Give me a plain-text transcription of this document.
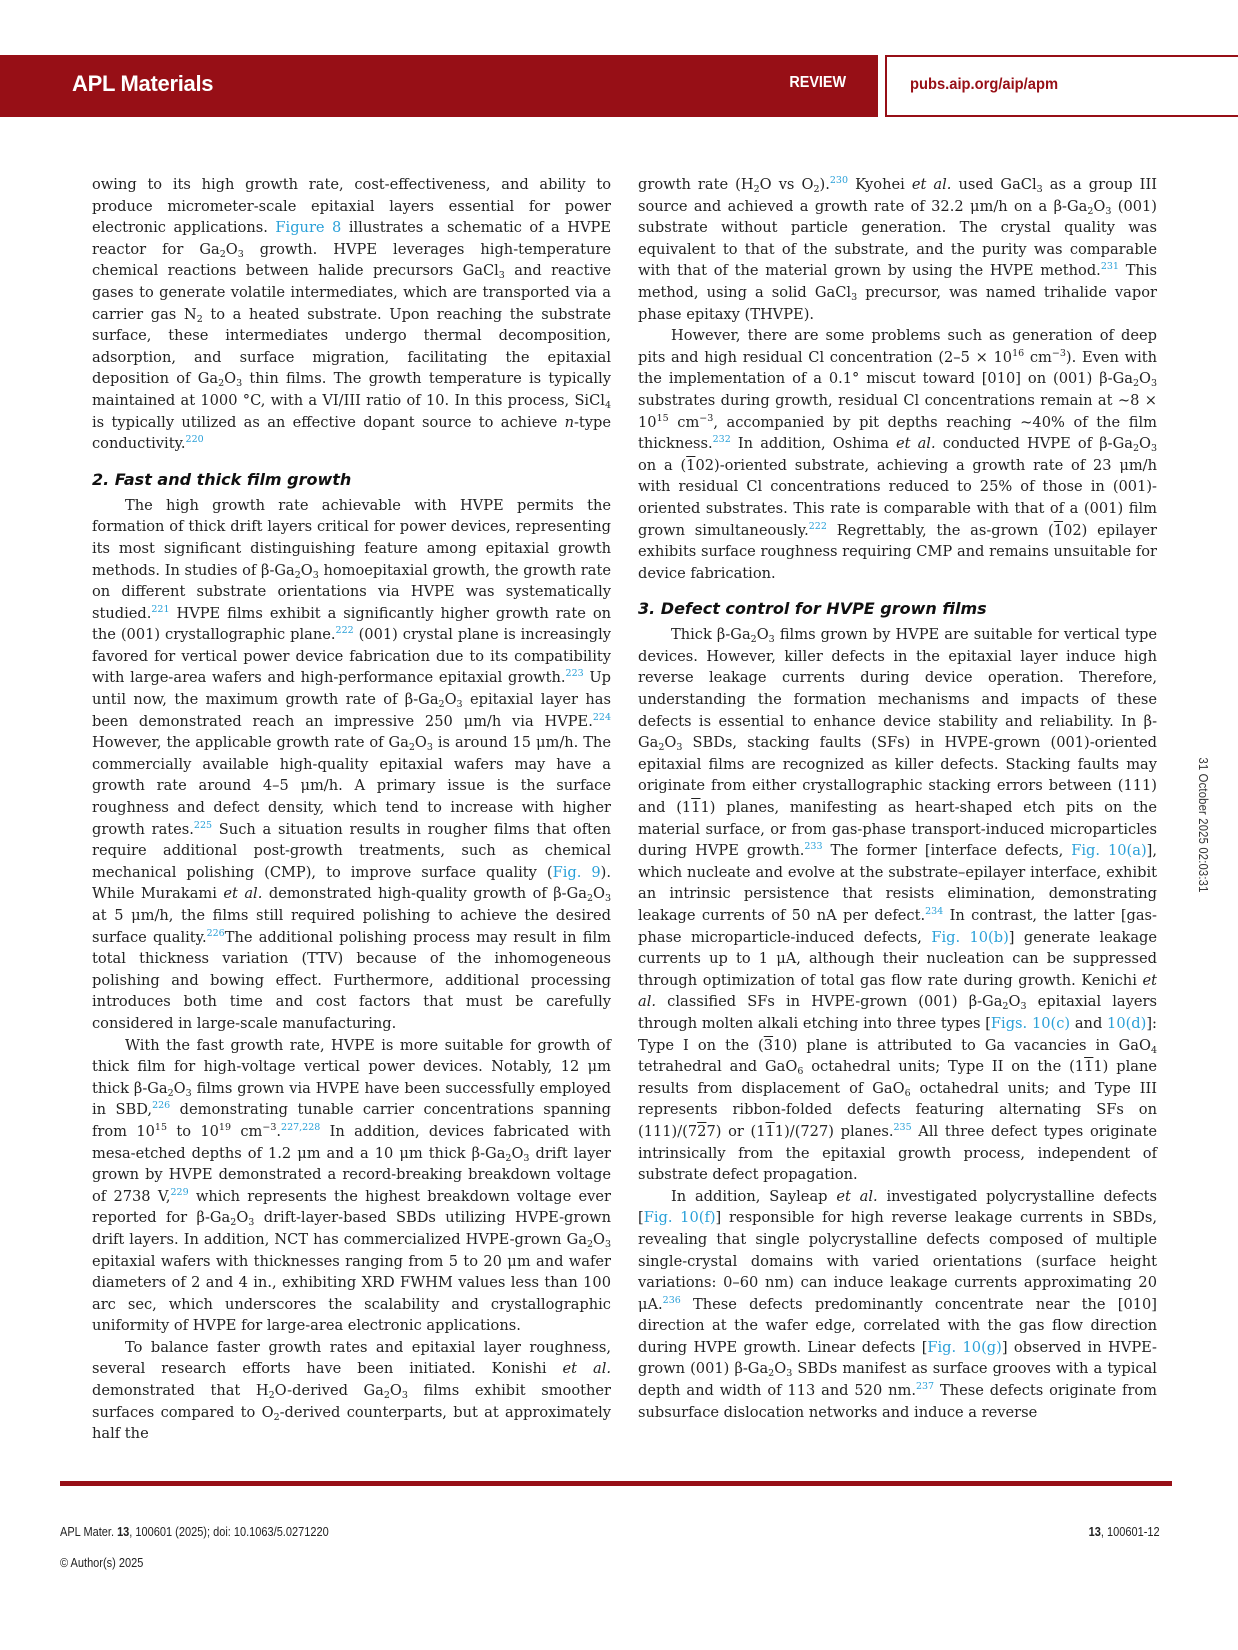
APL Materials	REVIEW	pubs.aip.org/aip/apm

owing to its high growth rate, cost-effectiveness, and ability to produce micrometer-scale epitaxial layers essential for power electronic applications. Figure 8 illustrates a schematic of a HVPE reactor for $Ga_2O_3$ growth. HVPE leverages high-temperature chemical reactions between halide precursors GaCl$_3$ and reactive gases to generate volatile intermediates, which are transported via a carrier gas $N_2$ to a heated substrate. Upon reaching the substrate surface, these intermediates undergo thermal decomposition, adsorption, and surface migration, facilitating the epitaxial deposition of $Ga_2O_3$ thin films. The growth temperature is typically maintained at 1000 °C, with a VI/III ratio of 10. In this process, SiCl$_4$ is typically utilized as an effective dopant source to achieve n-type conductivity.$^{220}$

2. Fast and thick film growth

The high growth rate achievable with HVPE permits the formation of thick drift layers critical for power devices, representing its most significant distinguishing feature among epitaxial growth methods. In studies of $\beta-Ga_2O_3$ homoepitaxial growth, the growth rate on different substrate orientations via HVPE was systematically studied.$^{221}$ HVPE films exhibit a significantly higher growth rate on the (001) crystallographic plane.$^{222}$ (001) crystal plane is increasingly favored for vertical power device fabrication due to its compatibility with large-area wafers and high-performance epitaxial growth.$^{223}$ Up until now, the maximum growth rate of $\beta-Ga_2O_3$ epitaxial layer has been demonstrated reach an impressive 250 μm/h via HVPE.$^{224}$ However, the applicable growth rate of $Ga_2O_3$ is around 15 μm/h. The commercially available high-quality epitaxial wafers may have a growth rate around 4–5 μm/h. A primary issue is the surface roughness and defect density, which tend to increase with higher growth rates.$^{225}$ Such a situation results in rougher films that often require additional post-growth treatments, such as chemical mechanical polishing (CMP), to improve surface quality (Fig. 9). While Murakami et al. demonstrated high-quality growth of $\beta-Ga_2O_3$ at 5 μm/h, the films still required polishing to achieve the desired surface quality.$^{226}$The additional polishing process may result in film total thickness variation (TTV) because of the inhomogeneous polishing and bowing effect. Furthermore, additional processing introduces both time and cost factors that must be carefully considered in large-scale manufacturing.

With the fast growth rate, HVPE is more suitable for growth of thick film for high-voltage vertical power devices. Notably, 12 μm thick $\beta-Ga_2O_3$ films grown via HVPE have been successfully employed in SBD,$^{226}$ demonstrating tunable carrier concentrations spanning from $10^{15}$ to $10^{19}$ $cm^{-3}.^{227,228}$ In addition, devices fabricated with mesa-etched depths of 1.2 μm and a 10 μm thick $\beta-Ga_2O_3$ drift layer grown by HVPE demonstrated a record-breaking breakdown voltage of 2738 V,$^{229}$ which represents the highest breakdown voltage ever reported for $\beta-Ga_2O_3$ drift-layer-based SBDs utilizing HVPE-grown drift layers. In addition, NCT has commercialized HVPE-grown $Ga_2O_3$ epitaxial wafers with thicknesses ranging from 5 to 20 μm and wafer diameters of 2 and 4 in., exhibiting XRD FWHM values less than 100 arc sec, which underscores the scalability and crystallographic uniformity of HVPE for large-area electronic applications.

To balance faster growth rates and epitaxial layer roughness, several research efforts have been initiated. Konishi et al. demonstrated that $H_2O$-derived $Ga_2O_3$ films exhibit smoother surfaces compared to $O_2$-derived counterparts, but at approximately half the

growth rate ($H_2O$ vs $O_2).^{230}$ Kyohei et al. used GaCl$_3$ as a group III source and achieved a growth rate of 32.2 μm/h on a $\beta-Ga_2O_3$ (001) substrate without particle generation. The crystal quality was equivalent to that of the substrate, and the purity was comparable with that of the material grown by using the HVPE method.$^{231}$ This method, using a solid GaCl$_3$ precursor, was named trihalide vapor phase epitaxy (THVPE).

However, there are some problems such as generation of deep pits and high residual Cl concentration ($2-5 \times 10^{16}$ $cm^{-3}$). Even with the implementation of a 0.1° miscut toward [010] on (001) $\beta-Ga_2O_3$ substrates during growth, residual Cl concentrations remain at ~8 × $10^{15}$ $cm^{-3}$, accompanied by pit depths reaching ~40% of the film thickness.$^{232}$ In addition, Oshima et al. conducted HVPE of $\beta-Ga_2O_3$ on a (102)-oriented substrate, achieving a growth rate of 23 μm/h with residual Cl concentrations reduced to 25% of those in (001)-oriented substrates. This rate is comparable with that of a (001) film grown simultaneously.$^{222}$ Regrettably, the as-grown (102) epilayer exhibits surface roughness requiring CMP and remains unsuitable for device fabrication.

3. Defect control for HVPE grown films

Thick $\beta-Ga_2O_3$ films grown by HVPE are suitable for vertical type devices. However, killer defects in the epitaxial layer induce high reverse leakage currents during device operation. Therefore, understanding the formation mechanisms and impacts of these defects is essential to enhance device stability and reliability. In $\beta-Ga_2O_3$ SBDs, stacking faults (SFs) in HVPE-grown (001)-oriented epitaxial films are recognized as killer defects. Stacking faults may originate from either crystallographic stacking errors between (111) and (111) planes, manifesting as heart-shaped etch pits on the material surface, or from gas-phase transport-induced microparticles during HVPE growth.$^{233}$ The former [interface defects, Fig. 10(a)], which nucleate and evolve at the substrate–epilayer interface, exhibit an intrinsic persistence that resists elimination, demonstrating leakage currents of 50 nA per defect.$^{234}$ In contrast, the latter [gas-phase microparticle-induced defects, Fig. 10(b)] generate leakage currents up to 1 μA, although their nucleation can be suppressed through optimization of total gas flow rate during growth. Kenichi et al. classified SFs in HVPE-grown (001) $\beta-Ga_2O_3$ epitaxial layers through molten alkali etching into three types [Figs. 10(c) and 10(d)]: Type I on the (310) plane is attributed to Ga vacancies in GaO$_4$ tetrahedral and GaO$_6$ octahedral units; Type II on the (111) plane results from displacement of GaO$_6$ octahedral units; and Type III represents ribbon-folded defects featuring alternating SFs on (111)/(727) or (111)/(727) planes.$^{235}$ All three defect types originate intrinsically from the epitaxial growth process, independent of substrate defect propagation.

In addition, Sayleap et al. investigated polycrystalline defects [Fig. 10(f)] responsible for high reverse leakage currents in SBDs, revealing that single polycrystalline defects composed of multiple single-crystal domains with varied orientations (surface height variations: 0–60 nm) can induce leakage currents approximating 20 μA.$^{236}$ These defects predominantly concentrate near the [010] direction at the wafer edge, correlated with the gas flow direction during HVPE growth. Linear defects [Fig. 10(g)] observed in HVPE-grown (001) $\beta-Ga_2O_3$ SBDs manifest as surface grooves with a typical depth and width of 113 and 520 nm.$^{237}$ These defects originate from subsurface dislocation networks and induce a reverse

31 October 2025 02:03:31
APL Mater. 13, 100601 (2025); doi: 10.1063/5.0271220
© Author(s) 2025
13, 100601-12
